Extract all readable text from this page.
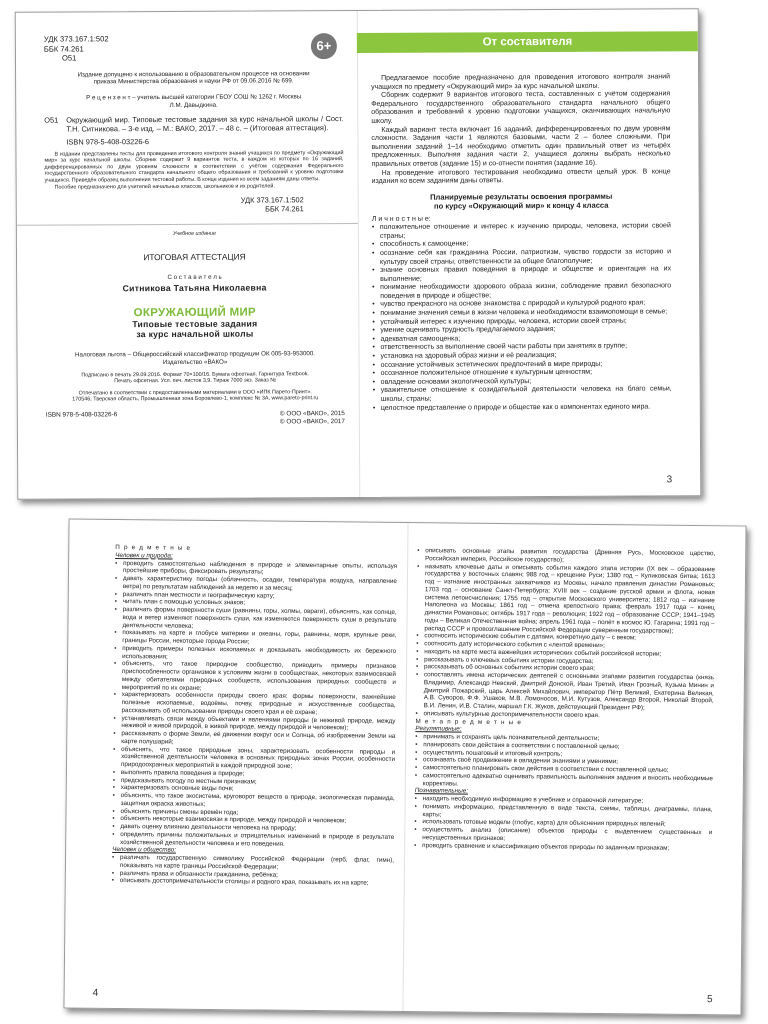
УДК 373.167.1:502
ББК 74.261
О51
6+
Издание допущено к использованию в образовательном процессе на основании приказа Министерства образования и науки РФ от 09.06.2016 № 699.
Р е ц е н з е н т – учитель высшей категории ГБОУ СОШ № 1262 г. Москвы Л.М. Давыдкина.
О51	Окружающий мир. Типовые тестовые задания за курс начальной школы / Сост. Т.Н. Ситникова. – 3-е изд. – М.: ВАКО, 2017. – 48 с. – (Итоговая аттестация).
ISBN 978-5-408-03226-6
В издании представлены тесты для проведения итогового контроля знаний учащихся по предмету «Окружающий мир» за курс начальной школы. Сборник содержит 9 вариантов теста, в каждом из которых по 16 заданий, дифференцированных по двум уровням сложности в соответствии с учётом содержания Федерального государственного образовательного стандарта начального общего образования и требований к уровню подготовки учащихся. Приведён образец выполнения тестовой работы. В конце издания ко всем заданиям даны ответы.
Пособие предназначено для учителей начальных классов, школьников и их родителей.
УДК 373.167.1:502
ББК 74.261
Учебное издание
ИТОГОВАЯ АТТЕСТАЦИЯ
С о с т а в и т е л ь
Ситникова Татьяна Николаевна
ОКРУЖАЮЩИЙ МИР
Типовые тестовые задания
за курс начальной школы
Налоговая льгота – Общероссийский классификатор продукции ОК 005-93-953000.
Издательство «ВАКО»
Подписано в печать 29.09.2016. Формат 70×100/16. Бумага офсетная. Гарнитура Textbook.
Печать офсетная. Усл. печ. листов 3,9. Тираж 7000 экз. Заказ №
Отпечатано в соответствии с предоставленными материалами в ООО «ИПК Парето-Принт».
170546, Тверская область, Промышленная зона Боровлево-1, комплекс № 3А, www.pareto-print.ru
ISBN 978-5-408-03226-6	© ООО «ВАКО», 2015
© ООО «ВАКО», 2017
От составителя

Предлагаемое пособие предназначено для проведения итогового контроля знаний учащихся по предмету «Окружающий мир» за курс начальной школы.

Сборник содержит 9 вариантов итогового теста, составленных с учётом содержания Федерального государственного образовательного стандарта начального общего образования и требований к уровню подготовки учащихся, оканчивающих начальную школу.

Каждый вариант теста включает 16 заданий, дифференцированных по двум уровням сложности. Задания части 1 являются базовыми, части 2 – более сложными. При выполнении заданий 1–14 необходимо отметить один правильный ответ из четырёх предложенных. Выполняя задания части 2, учащиеся должны выбрать несколько правильных ответов (задание 15) и со-отнести понятия (задание 16).

На проведение итогового тестирования необходимо отвести целый урок. В конце издания ко всем заданиям даны ответы.

Планируемые результаты освоения программы
по курсу «Окружающий мир» к концу 4 класса
Л и ч н о с т н ы е:
• положительное отношение и интерес к изучению природы, человека, истории своей страны;
• способность к самооценке;
• осознание себя как гражданина России, патриотизм, чувство гордости за историю и культуру своей страны, ответственности за общее благополучие;
• знание основных правил поведения в природе и обществе и ориентация на их выполнение;
• понимание необходимости здорового образа жизни, соблюдение правил безопасного поведения в природе и обществе;
• чувство прекрасного на основе знакомства с природой и культурой родного края;
• понимание значения семьи в жизни человека и необходимости взаимопомощи в семье;
• устойчивый интерес к изучению природы, человека, истории своей страны;
• умение оценивать трудность предлагаемого задания;
• адекватная самооценка;
• ответственность за выполнение своей части работы при занятиях в группе;
• установка на здоровый образ жизни и её реализация;
• осознание устойчивых эстетических предпочтений в мире природы;
• осознанное положительное отношение к культурным ценностям;
• овладение основами экологической культуры;
• уважительное отношение к созидательной деятельности человека на благо семьи, школы, страны;
• целостное представление о природе и обществе как о компонентах единого мира.
3
П р е д м е т н ы е
Человек и природа:
• проводить самостоятельно наблюдения в природе и элементарные опыты, используя простейшие приборы, фиксировать результаты;
• давать характеристику погоды (облачность, осадки, температура воздуха, направление ветра) по результатам наблюдений за неделю и за месяц;
• различать план местности и географическую карту;
• читать план с помощью условных знаков;
• различать формы поверхности суши (равнины, горы, холмы, овраги), объяснять, как солнце, вода и ветер изменяют поверхность суши, как изменяются поверхность суши в результате деятельности человека;
• показывать на карте и глобусе материки и океаны, горы, равнины, моря, крупные реки, границы России, некоторые города России;
• приводить примеры полезных ископаемых и доказывать необходимость их бережного использования;
• объяснять, что такое природное сообщество, приводить примеры признаков приспособленности организмов к условиям жизни в сообществах, некоторых взаимосвязей между обитателями природных сообществ, использования природных сообществ и мероприятий по их охране;
• характеризовать особенности природы своего края: формы поверхности, важнейшие полезные ископаемые, водоёмы, почву, природные и искусственные сообщества, рассказывать об использовании природы своего края и её охране;
• устанавливать связи между объектами и явлениями природы (в неживой природе, между неживой и живой природой, в живой природе, между природой и человеком);
• рассказывать о форме Земли, её движении вокруг оси и Солнца, об изображении Земли на карте полушарий;
• объяснять, что такое природные зоны, характеризовать особенности природы и хозяйственной деятельности человека в основных природных зонах России, особенности природоохранных мероприятий в каждой природной зоне;
• выполнять правила поведения в природе;
• предсказывать погоду по местным признакам;
• характеризовать основные виды почв;
• объяснять, что такое экосистема, круговорот веществ в природе, экологическая пирамида, защитная окраска животных;
• объяснять причины смены времён года;
• объяснять некоторые взаимосвязи в природе, между природой и человеком;
• давать оценку влиянию деятельности человека на природу;
• определять причины положительных и отрицательных изменений в природе в результате хозяйственной деятельности человека и его поведения.
Человек и общество:
• различать государственную символику Российской Федерации (герб, флаг, гимн), показывать на карте границы Российской Федерации;
• различать права и обязанности гражданина, ребёнка;
• описывать достопримечательности столицы и родного края, показывать их на карте;
4
• описывать основные этапы развития государства (Древняя Русь, Московское царство, Российская империя, Российское государство);
• называть ключевые даты и описывать события каждого этапа истории (IX век – образование государства у восточных славян; 988 год – крещение Руси; 1380 год – Куликовская битва; 1613 год – изгнание иностранных захватчиков из Москвы, начало правления династии Романовых; 1703 год – основание Санкт-Петербурга; XVIII век – создание русской армии и флота, новая система летоисчисления; 1755 год – открытие Московского университета; 1812 год – изгнание Наполеона из Москвы; 1861 год – отмена крепостного права; февраль 1917 года – конец династии Романовых; октябрь 1917 года – революция; 1922 год – образование СССР; 1941–1945 годы – Великая Отечественная война; апрель 1961 года – полёт в космос Ю. Гагарина; 1991 год – распад СССР и провозглашение Российской Федерации суверенным государством);
• соотносить исторические события с датами, конкретную дату – с веком;
• соотносить дату исторического события с «лентой времени»;
• находить на карте места важнейших исторических событий российской истории;
• рассказывать о ключевых событиях истории государства;
• рассказывать об основных событиях истории своего края;
• сопоставлять имена исторических деятелей с основными этапами развития государства (князь Владимир, Александр Невский, Дмитрий Донской, Иван Третий, Иван Грозный, Кузьма Минин и Дмитрий Пожарский, царь Алексей Михайлович, император Пётр Великий, Екатерина Великая, А.В. Суворов, Ф.Ф. Ушаков, М.В. Ломоносов, М.И. Кутузов, Александр Второй, Николай Второй, В.И. Ленин, И.В. Сталин, маршал Г.К. Жуков, действующий Президент РФ);
• описывать культурные достопримечательности своего края.
М е т а п р е д м е т н ы е
Регулятивные:
• принимать и сохранять цель познавательной деятельности;
• планировать свои действия в соответствии с поставленной целью;
• осуществлять пошаговый и итоговый контроль;
• осознавать своё продвижение в овладении знаниями и умениями;
• самостоятельно планировать свои действия в соответствии с поставленной целью;
• самостоятельно адекватно оценивать правильность выполнения задания и вносить необходимые коррективы.
Познавательные:
• находить необходимую информацию в учебнике и справочной литературе;
• понимать информацию, представленную в виде текста, схемы, таблицы, диаграммы, плана, карты;
• использовать готовые модели (глобус, карта) для объяснения природных явлений;
• осуществлять анализ (описание) объектов природы с выделением существенных и несущественных признаков;
• проводить сравнение и классификацию объектов природы по заданным признакам;
5
